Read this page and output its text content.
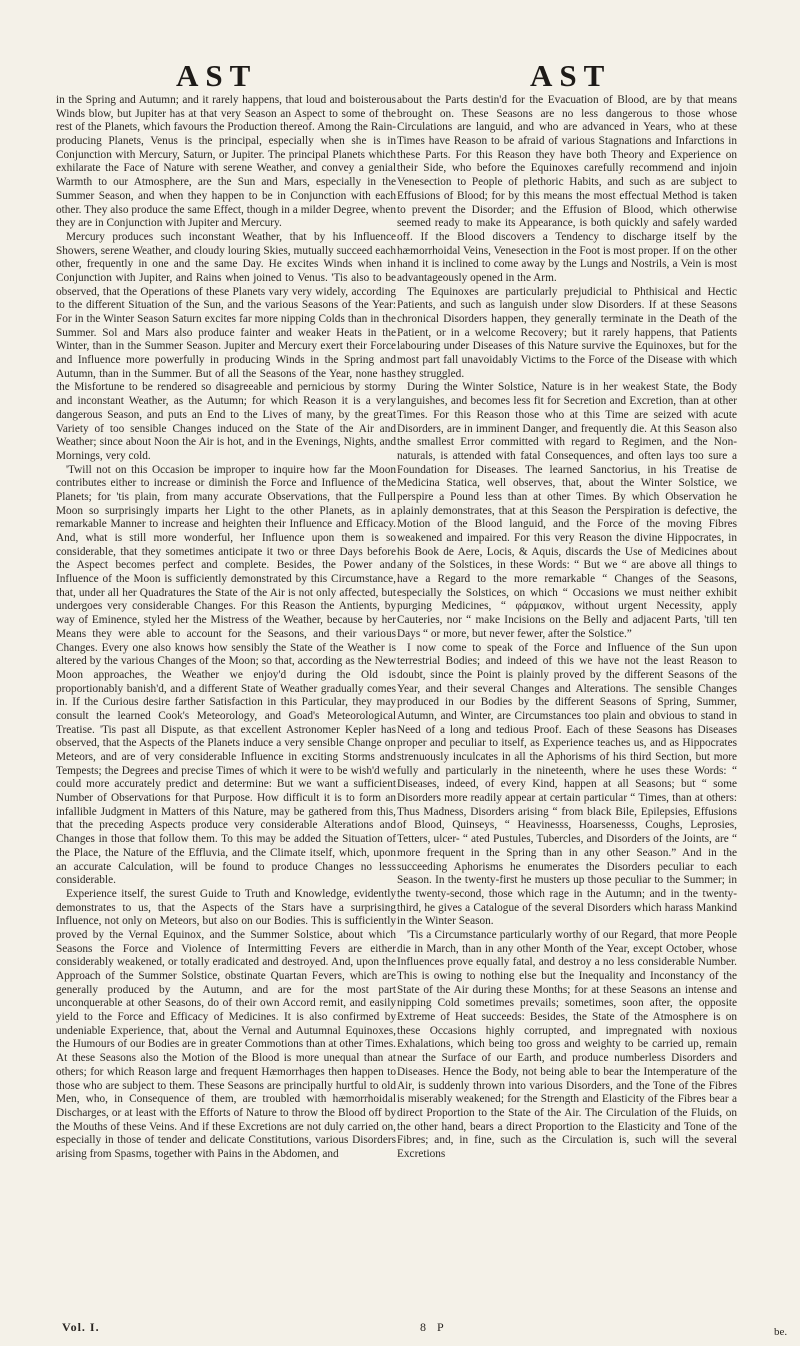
AST	AST

in the Spring and Autumn; and it rarely happens, that loud and boisterous Winds blow, but Jupiter has at that very Season an Aspect to some of the rest of the Planets, which favours the Production thereof. Among the Rain-producing Planets, Venus is the principal, especially when she is in Conjunction with Mercury, Saturn, or Jupiter. The principal Planets which exhilarate the Face of Nature with serene Weather, and convey a genial Warmth to our Atmosphere, are the Sun and Mars, especially in the Summer Season, and when they happen to be in Conjunction with each other. They also produce the same Effect, though in a milder Degree, when they are in Conjunction with Jupiter and Mercury.

Mercury produces such inconstant Weather, that by his Influence Showers, serene Weather, and cloudy louring Skies, mutually succeed each other, frequently in one and the same Day. He excites Winds when in Conjunction with Jupiter, and Rains when joined to Venus. 'Tis also to be observed, that the Operations of these Planets vary very widely, according to the different Situation of the Sun, and the various Seasons of the Year: For in the Winter Season Saturn excites far more nipping Colds than in the Summer. Sol and Mars also produce fainter and weaker Heats in the Winter, than in the Summer Season. Jupiter and Mercury exert their Force and Influence more powerfully in producing Winds in the Spring and Autumn, than in the Summer. But of all the Seasons of the Year, none has the Misfortune to be rendered so disagreeable and pernicious by stormy and inconstant Weather, as the Autumn; for which Reason it is a very dangerous Season, and puts an End to the Lives of many, by the great Variety of too sensible Changes induced on the State of the Air and Weather; since about Noon the Air is hot, and in the Evenings, Nights, and Mornings, very cold.

'Twill not on this Occasion be improper to inquire how far the Moon contributes either to increase or diminish the Force and Influence of the Planets; for 'tis plain, from many accurate Observations, that the Full Moon so surprisingly imparts her Light to the other Planets, as in a remarkable Manner to increase and heighten their Influence and Efficacy. And, what is still more wonderful, her Influence upon them is so considerable, that they sometimes anticipate it two or three Days before the Aspect becomes perfect and complete. Besides, the Power and Influence of the Moon is sufficiently demonstrated by this Circumstance, that, under all her Quadratures the State of the Air is not only affected, but undergoes very considerable Changes. For this Reason the Antients, by way of Eminence, styled her the Mistress of the Weather, because by her Means they were able to account for the Seasons, and their various Changes. Every one also knows how sensibly the State of the Weather is altered by the various Changes of the Moon; so that, according as the New Moon approaches, the Weather we enjoy'd during the Old is proportionably banish'd, and a different State of Weather gradually comes in. If the Curious desire farther Satisfaction in this Particular, they may consult the learned Cook's Meteorology, and Goad's Meteorological Treatise. 'Tis past all Dispute, as that excellent Astronomer Kepler has observed, that the Aspects of the Planets induce a very sensible Change on Meteors, and are of very considerable Influence in exciting Storms and Tempests; the Degrees and precise Times of which it were to be wish'd we could more accurately predict and determine: But we want a sufficient Number of Observations for that Purpose. How difficult it is to form an infallible Judgment in Matters of this Nature, may be gathered from this, that the preceding Aspects produce very considerable Alterations and Changes in those that follow them. To this may be added the Situation of the Place, the Nature of the Effluvia, and the Climate itself, which, upon an accurate Calculation, will be found to produce Changes no less considerable.

Experience itself, the surest Guide to Truth and Knowledge, evidently demonstrates to us, that the Aspects of the Stars have a surprising Influence, not only on Meteors, but also on our Bodies. This is sufficiently proved by the Vernal Equinox, and the Summer Solstice, about which Seasons the Force and Violence of Intermitting Fevers are either considerably weakened, or totally eradicated and destroyed. And, upon the Approach of the Summer Solstice, obstinate Quartan Fevers, which are generally produced by the Autumn, and are for the most part unconquerable at other Seasons, do of their own Accord remit, and easily yield to the Force and Efficacy of Medicines. It is also confirmed by undeniable Experience, that, about the Vernal and Autumnal Equinoxes, the Humours of our Bodies are in greater Commotions than at other Times. At these Seasons also the Motion of the Blood is more unequal than at others; for which Reason large and frequent Hæmorrhages then happen to those who are subject to them. These Seasons are principally hurtful to old Men, who, in Consequence of them, are troubled with hæmorrhoidal Discharges, or at least with the Efforts of Nature to throw the Blood off by the Mouths of these Veins. And if these Excretions are not duly carried on, especially in those of tender and delicate Constitutions, various Disorders arising from Spasms, together with Pains in the Abdomen, and

about the Parts destin'd for the Evacuation of Blood, are by that means brought on. These Seasons are no less dangerous to those whose Circulations are languid, and who are advanced in Years, who at these Times have Reason to be afraid of various Stagnations and Infarctions in these Parts. For this Reason they have both Theory and Experience on their Side, who before the Equinoxes carefully recommend and injoin Venesection to People of plethoric Habits, and such as are subject to Effusions of Blood; for by this means the most effectual Method is taken to prevent the Disorder; and the Effusion of Blood, which otherwise seemed ready to make its Appearance, is both quickly and safely warded off. If the Blood discovers a Tendency to discharge itself by the hæmorrhoidal Veins, Venesection in the Foot is most proper. If on the other hand it is inclined to come away by the Lungs and Nostrils, a Vein is most advantageously opened in the Arm.

The Equinoxes are particularly prejudicial to Phthisical and Hectic Patients, and such as languish under slow Disorders. If at these Seasons chronical Disorders happen, they generally terminate in the Death of the Patient, or in a welcome Recovery; but it rarely happens, that Patients labouring under Diseases of this Nature survive the Equinoxes, but for the most part fall unavoidably Victims to the Force of the Disease with which they struggled.

During the Winter Solstice, Nature is in her weakest State, the Body languishes, and becomes less fit for Secretion and Excretion, than at other Times. For this Reason those who at this Time are seized with acute Disorders, are in imminent Danger, and frequently die. At this Season also the smallest Error committed with regard to Regimen, and the Non-naturals, is attended with fatal Consequences, and often lays too sure a Foundation for Diseases. The learned Sanctorius, in his Treatise de Medicina Statica, well observes, that, about the Winter Solstice, we perspire a Pound less than at other Times. By which Observation he plainly demonstrates, that at this Season the Perspiration is defective, the Motion of the Blood languid, and the Force of the moving Fibres weakened and impaired. For this very Reason the divine Hippocrates, in his Book de Aere, Locis, & Aquis, discards the Use of Medicines about any of the Solstices, in these Words: “ But we “ are above all things to have a Regard to the more remarkable “ Changes of the Seasons, especially the Solstices, on which “ Occasions we must neither exhibit purging Medicines, “ φάρμακον, without urgent Necessity, apply Cauteries, nor “ make Incisions on the Belly and adjacent Parts, 'till ten Days “ or more, but never fewer, after the Solstice.”

I now come to speak of the Force and Influence of the Sun upon terrestrial Bodies; and indeed of this we have not the least Reason to doubt, since the Point is plainly proved by the different Seasons of the Year, and their several Changes and Alterations. The sensible Changes produced in our Bodies by the different Seasons of Spring, Summer, Autumn, and Winter, are Circumstances too plain and obvious to stand in Need of a long and tedious Proof. Each of these Seasons has Diseases proper and peculiar to itself, as Experience teaches us, and as Hippocrates strenuously inculcates in all the Aphorisms of his third Section, but more fully and particularly in the nineteenth, where he uses these Words: “ Diseases, indeed, of every Kind, happen at all Seasons; but “ some Disorders more readily appear at certain particular “ Times, than at others: Thus Madness, Disorders arising “ from black Bile, Epilepsies, Effusions of Blood, Quinseys, “ Heavinesss, Hoarsenesss, Coughs, Leprosies, Tetters, ulcer- “ ated Pustules, Tubercles, and Disorders of the Joints, are “ more frequent in the Spring than in any other Season.” And in the succeeding Aphorisms he enumerates the Disorders peculiar to each Season. In the twenty-first he musters up those peculiar to the Summer; in the twenty-second, those which rage in the Autumn; and in the twenty-third, he gives a Catalogue of the several Disorders which harass Mankind in the Winter Season.

'Tis a Circumstance particularly worthy of our Regard, that more People die in March, than in any other Month of the Year, except October, whose Influences prove equally fatal, and destroy a no less considerable Number. This is owing to nothing else but the Inequality and Inconstancy of the State of the Air during these Months; for at these Seasons an intense and nipping Cold sometimes prevails; sometimes, soon after, the opposite Extreme of Heat succeeds: Besides, the State of the Atmosphere is on these Occasions highly corrupted, and impregnated with noxious Exhalations, which being too gross and weighty to be carried up, remain near the Surface of our Earth, and produce numberless Disorders and Diseases. Hence the Body, not being able to bear the Intemperature of the Air, is suddenly thrown into various Disorders, and the Tone of the Fibres is miserably weakened; for the Strength and Elasticity of the Fibres bear a direct Proportion to the State of the Air. The Circulation of the Fluids, on the other hand, bears a direct Proportion to the Elasticity and Tone of the Fibres; and, in fine, such as the Circulation is, such will the several Excretions

Vol. I.	8 P	be.
